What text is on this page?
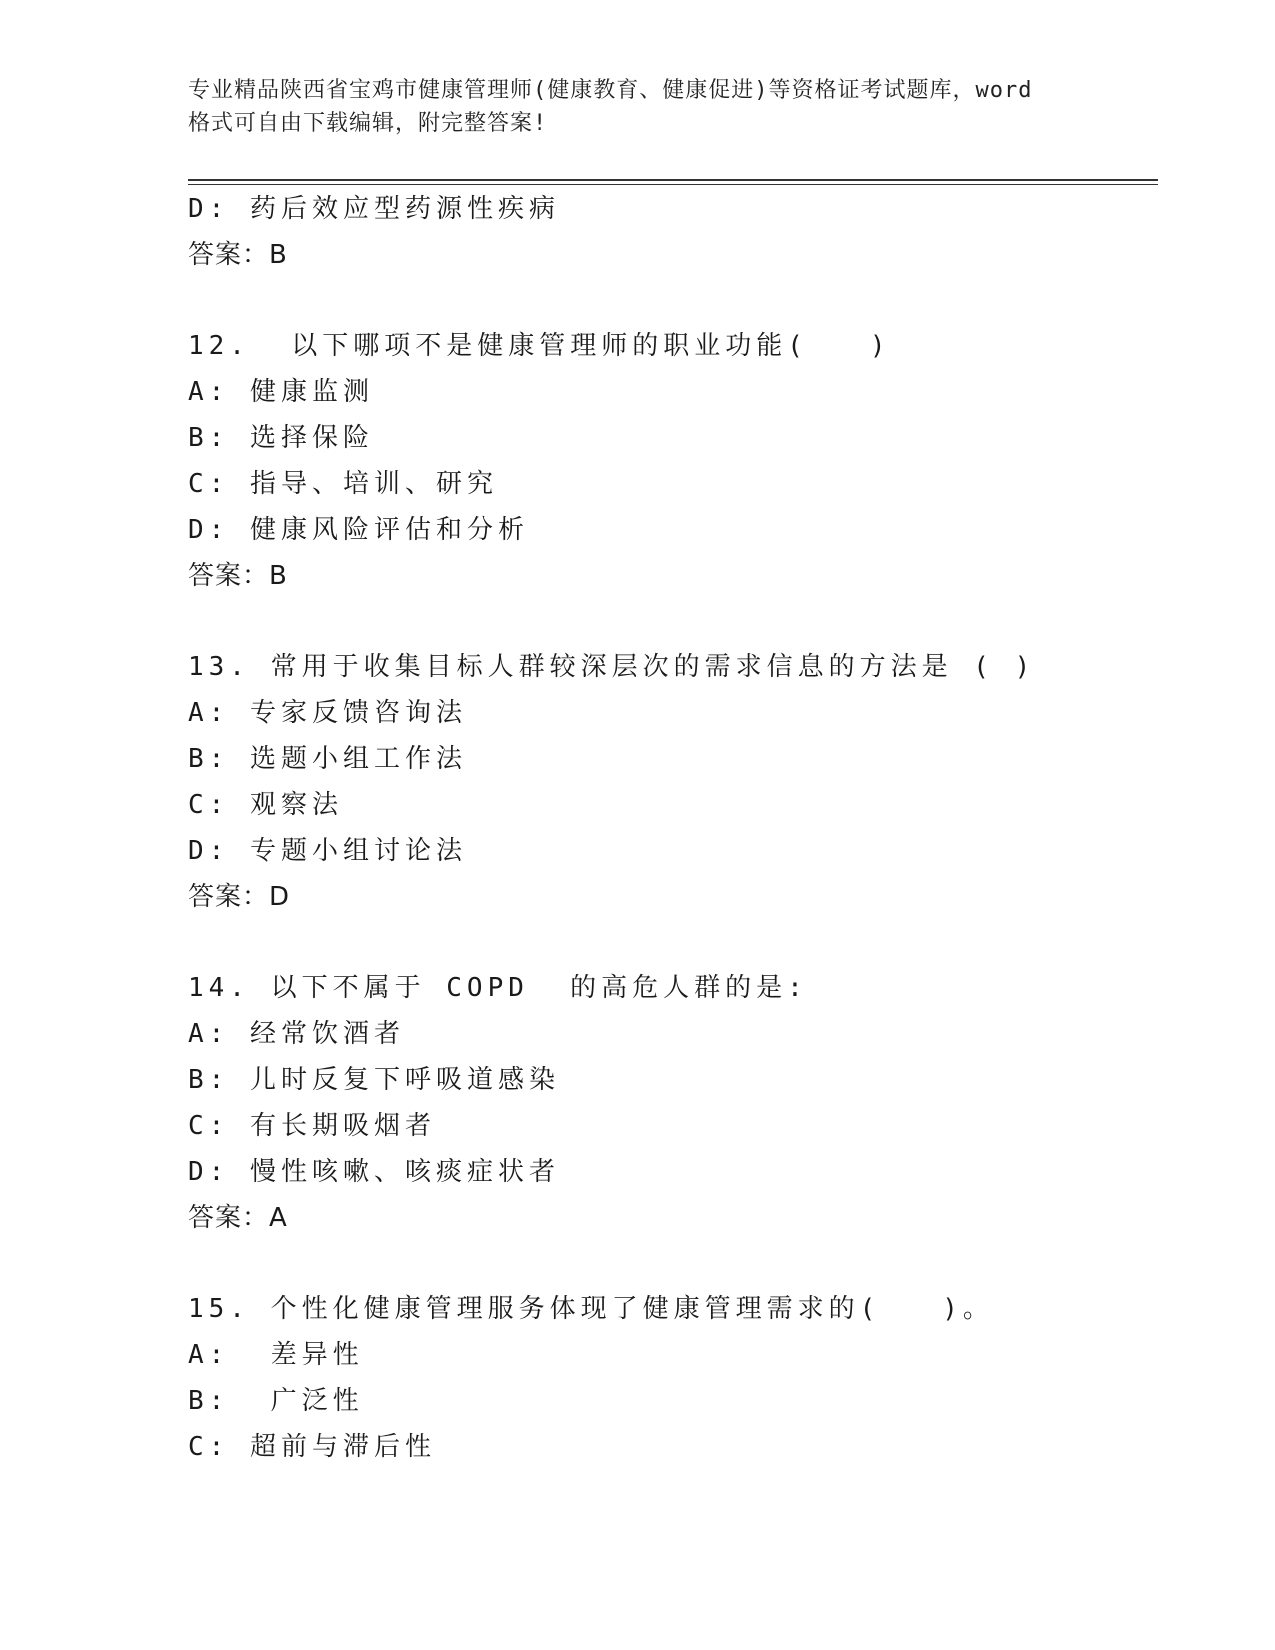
专业精品陕西省宝鸡市健康管理师(健康教育、健康促进)等资格证考试题库，word
格式可自由下载编辑，附完整答案!
D: 药后效应型药源性疾病
答案：B
12.  以下哪项不是健康管理师的职业功能(   )
A: 健康监测
B: 选择保险
C: 指导、培训、研究
D: 健康风险评估和分析
答案：B
13. 常用于收集目标人群较深层次的需求信息的方法是 ( )
A: 专家反馈咨询法
B: 选题小组工作法
C: 观察法
D: 专题小组讨论法
答案：D
14. 以下不属于 COPD  的高危人群的是:
A: 经常饮酒者
B: 儿时反复下呼吸道感染
C: 有长期吸烟者
D: 慢性咳嗽、咳痰症状者
答案：A
15. 个性化健康管理服务体现了健康管理需求的(   )。
A:  差异性
B:  广泛性
C: 超前与滞后性
